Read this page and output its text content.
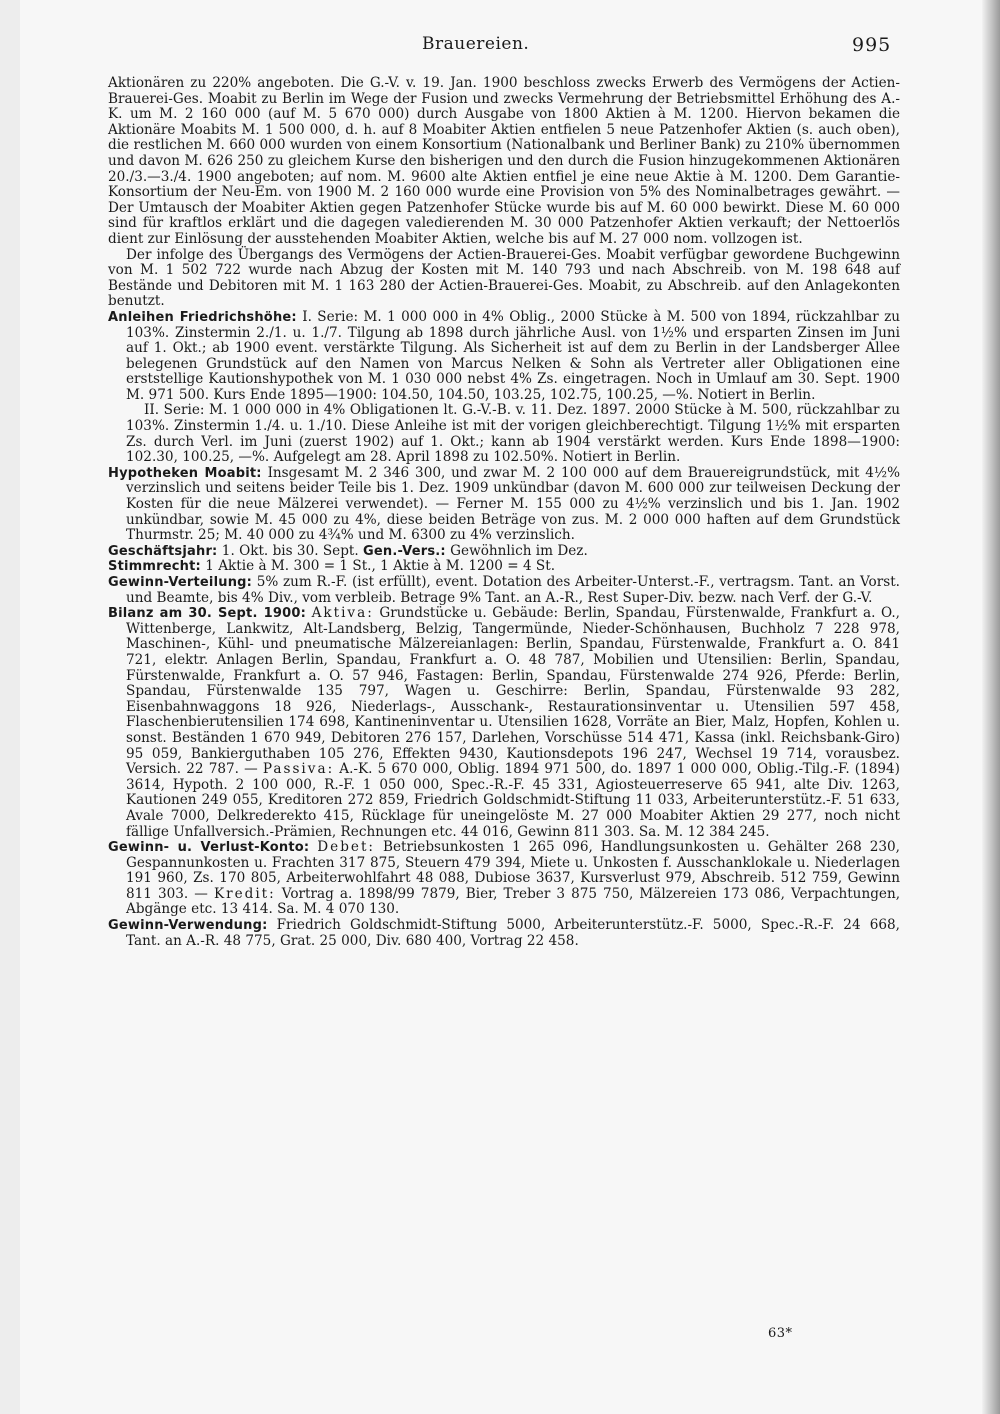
Brauereien.	995

Aktionären zu 220% angeboten. Die G.-V. v. 19. Jan. 1900 beschloss zwecks Erwerb des Vermögens der Actien-Brauerei-Ges. Moabit zu Berlin im Wege der Fusion und zwecks Vermehrung der Betriebsmittel Erhöhung des A.-K. um M. 2 160 000 (auf M. 5 670 000) durch Ausgabe von 1800 Aktien à M. 1200. Hiervon bekamen die Aktionäre Moabits M. 1 500 000, d. h. auf 8 Moabiter Aktien entfielen 5 neue Patzenhofer Aktien (s. auch oben), die restlichen M. 660 000 wurden von einem Konsortium (Nationalbank und Berliner Bank) zu 210% übernommen und davon M. 626 250 zu gleichem Kurse den bisherigen und den durch die Fusion hinzugekommenen Aktionären 20./3.—3./4. 1900 angeboten; auf nom. M. 9600 alte Aktien entfiel je eine neue Aktie à M. 1200. Dem Garantie-Konsortium der Neu-Em. von 1900 M. 2 160 000 wurde eine Provision von 5% des Nominalbetrages gewährt. — Der Umtausch der Moabiter Aktien gegen Patzenhofer Stücke wurde bis auf M. 60 000 bewirkt. Diese M. 60 000 sind für kraftlos erklärt und die dagegen valedierenden M. 30 000 Patzenhofer Aktien verkauft; der Nettoerlös dient zur Einlösung der ausstehenden Moabiter Aktien, welche bis auf M. 27 000 nom. vollzogen ist.

Der infolge des Übergangs des Vermögens der Actien-Brauerei-Ges. Moabit verfügbar gewordene Buchgewinn von M. 1 502 722 wurde nach Abzug der Kosten mit M. 140 793 und nach Abschreib. von M. 198 648 auf Bestände und Debitoren mit M. 1 163 280 der Actien-Brauerei-Ges. Moabit, zu Abschreib. auf den Anlagekonten benutzt.

Anleihen Friedrichshöhe: I. Serie: M. 1 000 000 in 4% Oblig., 2000 Stücke à M. 500 von 1894, rückzahlbar zu 103%. Zinstermin 2./1. u. 1./7. Tilgung ab 1898 durch jährliche Ausl. von 1½% und ersparten Zinsen im Juni auf 1. Okt.; ab 1900 event. verstärkte Tilgung. Als Sicherheit ist auf dem zu Berlin in der Landsberger Allee belegenen Grundstück auf den Namen von Marcus Nelken & Sohn als Vertreter aller Obligationen eine erststellige Kautionshypothek von M. 1 030 000 nebst 4% Zs. eingetragen. Noch in Umlauf am 30. Sept. 1900 M. 971 500. Kurs Ende 1895—1900: 104.50, 104.50, 103.25, 102.75, 100.25, —%. Notiert in Berlin.

II. Serie: M. 1 000 000 in 4% Obligationen lt. G.-V.-B. v. 11. Dez. 1897. 2000 Stücke à M. 500, rückzahlbar zu 103%. Zinstermin 1./4. u. 1./10. Diese Anleihe ist mit der vorigen gleichberechtigt. Tilgung 1½% mit ersparten Zs. durch Verl. im Juni (zuerst 1902) auf 1. Okt.; kann ab 1904 verstärkt werden. Kurs Ende 1898—1900: 102.30, 100.25, —%. Aufgelegt am 28. April 1898 zu 102.50%. Notiert in Berlin.

Hypotheken Moabit: Insgesamt M. 2 346 300, und zwar M. 2 100 000 auf dem Brauereigrundstück, mit 4½% verzinslich und seitens beider Teile bis 1. Dez. 1909 unkündbar (davon M. 600 000 zur teilweisen Deckung der Kosten für die neue Mälzerei verwendet). — Ferner M. 155 000 zu 4½% verzinslich und bis 1. Jan. 1902 unkündbar, sowie M. 45 000 zu 4%, diese beiden Beträge von zus. M. 2 000 000 haften auf dem Grundstück Thurmstr. 25; M. 40 000 zu 4¾% und M. 6300 zu 4% verzinslich.

Geschäftsjahr: 1. Okt. bis 30. Sept. Gen.-Vers.: Gewöhnlich im Dez.

Stimmrecht: 1 Aktie à M. 300 = 1 St., 1 Aktie à M. 1200 = 4 St.

Gewinn-Verteilung: 5% zum R.-F. (ist erfüllt), event. Dotation des Arbeiter-Unterst.-F., vertragsm. Tant. an Vorst. und Beamte, bis 4% Div., vom verbleib. Betrage 9% Tant. an A.-R., Rest Super-Div. bezw. nach Verf. der G.-V.

Bilanz am 30. Sept. 1900: Aktiva: Grundstücke u. Gebäude: Berlin, Spandau, Fürstenwalde, Frankfurt a. O., Wittenberge, Lankwitz, Alt-Landsberg, Belzig, Tangermünde, Nieder-Schönhausen, Buchholz 7 228 978, Maschinen-, Kühl- und pneumatische Mälzereianlagen: Berlin, Spandau, Fürstenwalde, Frankfurt a. O. 841 721, elektr. Anlagen Berlin, Spandau, Frankfurt a. O. 48 787, Mobilien und Utensilien: Berlin, Spandau, Fürstenwalde, Frankfurt a. O. 57 946, Fastagen: Berlin, Spandau, Fürstenwalde 274 926, Pferde: Berlin, Spandau, Fürstenwalde 135 797, Wagen u. Geschirre: Berlin, Spandau, Fürstenwalde 93 282, Eisenbahnwaggons 18 926, Niederlags-, Ausschank-, Restaurationsinventar u. Utensilien 597 458, Flaschenbierutensilien 174 698, Kantineninventar u. Utensilien 1628, Vorräte an Bier, Malz, Hopfen, Kohlen u. sonst. Beständen 1 670 949, Debitoren 276 157, Darlehen, Vorschüsse 514 471, Kassa (inkl. Reichsbank-Giro) 95 059, Bankierguthaben 105 276, Effekten 9430, Kautionsdepots 196 247, Wechsel 19 714, vorausbez. Versich. 22 787. — Passiva: A.-K. 5 670 000, Oblig. 1894 971 500, do. 1897 1 000 000, Oblig.-Tilg.-F. (1894) 3614, Hypoth. 2 100 000, R.-F. 1 050 000, Spec.-R.-F. 45 331, Agiosteuerreserve 65 941, alte Div. 1263, Kautionen 249 055, Kreditoren 272 859, Friedrich Goldschmidt-Stiftung 11 033, Arbeiterunterstütz.-F. 51 633, Avale 7000, Delkrederekto 415, Rücklage für uneingelöste M. 27 000 Moabiter Aktien 29 277, noch nicht fällige Unfallversich.-Prämien, Rechnungen etc. 44 016, Gewinn 811 303. Sa. M. 12 384 245.

Gewinn- u. Verlust-Konto: Debet: Betriebsunkosten 1 265 096, Handlungsunkosten u. Gehälter 268 230, Gespannunkosten u. Frachten 317 875, Steuern 479 394, Miete u. Unkosten f. Ausschanklokale u. Niederlagen 191 960, Zs. 170 805, Arbeiterwohlfahrt 48 088, Dubiose 3637, Kursverlust 979, Abschreib. 512 759, Gewinn 811 303. — Kredit: Vortrag a. 1898/99 7879, Bier, Treber 3 875 750, Mälzereien 173 086, Verpachtungen, Abgänge etc. 13 414. Sa. M. 4 070 130.

Gewinn-Verwendung: Friedrich Goldschmidt-Stiftung 5000, Arbeiterunterstütz.-F. 5000, Spec.-R.-F. 24 668, Tant. an A.-R. 48 775, Grat. 25 000, Div. 680 400, Vortrag 22 458.

63*
